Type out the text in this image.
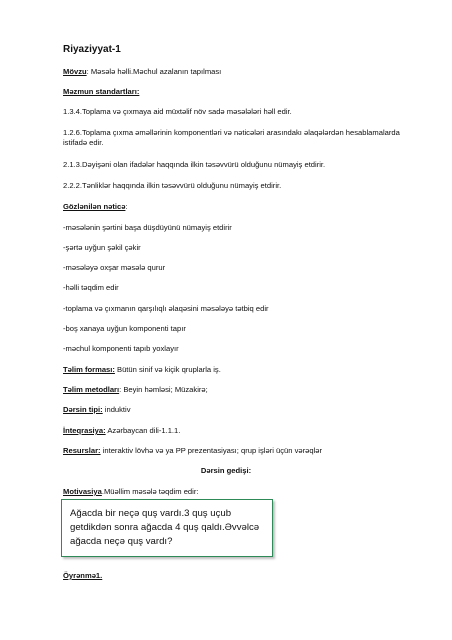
Riyaziyyat-1
Mövzu: Məsələ həlli.Məchul azalanın tapılması
Məzmun standartları:
1.3.4.Toplama və çıxmaya aid müxtəlif növ sadə məsələləri həll edir.
1.2.6.Toplama çıxma əməllərinin komponentləri və nəticələri arasındakı əlaqələrdən hesablamalarda istifadə edir.
2.1.3.Dəyişəni olan ifadələr haqqında ilkin təsəvvürü olduğunu nümayiş etdirir.
2.2.2.Tənliklər haqqında ilkin təsəvvürü olduğunu nümayiş etdirir.
Gözlənilən nəticə:
-məsələnin şərtini başa düşdüyünü nümayiş etdirir
-şərtə uyğun şəkil çəkir
-məsələyə oxşar məsələ qurur
-həlli təqdim edir
-toplama və çıxmanın qarşılıqlı əlaqəsini məsələyə tətbiq edir
-boş xanaya uyğun komponenti tapır
-məchul komponenti tapıb yoxlayır
Təlim forması: Bütün sinif və kiçik qruplarla iş.
Təlim metodları: Beyin həmləsi; Müzakirə;
Dərsin tipi: induktiv
İnteqrasiya: Azərbaycan dili-1.1.1.
Resurslar: interaktiv lövhə və ya PP prezentasiyası; qrup işləri üçün vərəqlər
Dərsin gedişi:
Motivasiya.Müəllim məsələ təqdim edir:
Ağacda bir neçə quş vardı.3 quş uçub getdikdən sonra ağacda 4 quş qaldı.Əvvəlcə ağacda neçə quş vardı?
Öyrənmə1.
